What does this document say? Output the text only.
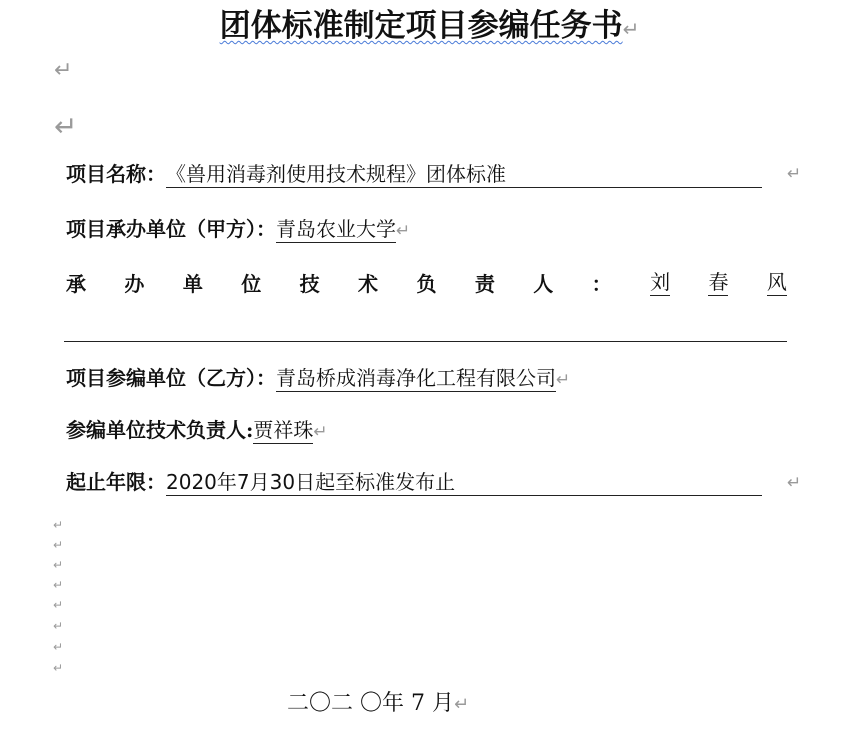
团体标准制定项目参编任务书↵
↵
↵
项目名称：《兽用消毒剂使用技术规程》团体标准	↵
项目承办单位（甲方）：青岛农业大学↵
承 办 单 位 技 术 负 责 人 ： 刘 春 风
项目参编单位（乙方）：青岛桥成消毒净化工程有限公司↵
参编单位技术负责人:贾祥珠↵
起止年限：2020年7月30日起至标准发布止	↵
↵
↵
↵
↵
↵
↵
↵
↵
二〇二 〇年 7 月↵
